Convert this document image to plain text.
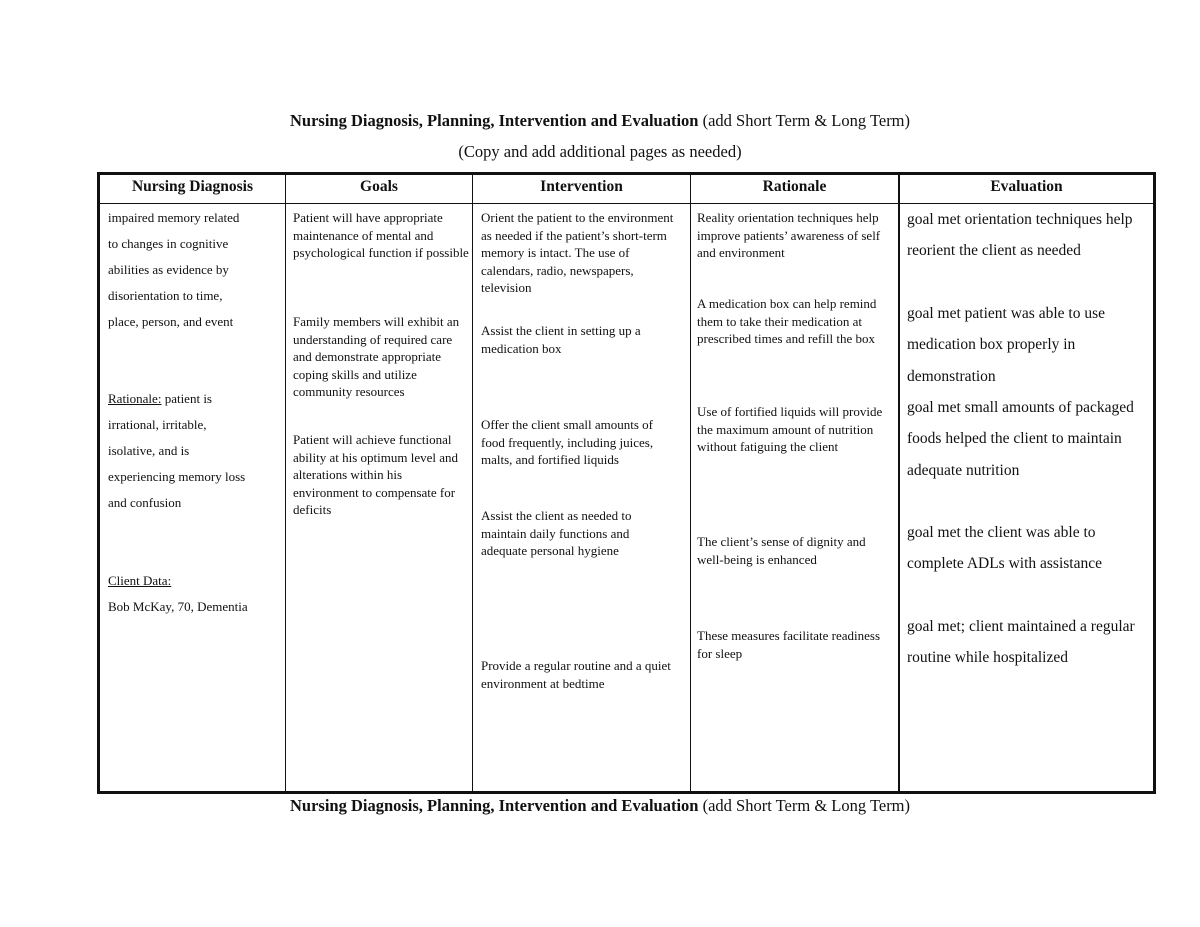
Nursing Diagnosis, Planning, Intervention and Evaluation (add Short Term & Long Term)
(Copy and add additional pages as needed)
Nursing Diagnosis
impaired memory related
to changes in cognitive
abilities as evidence by
disorientation to time,
place, person, and event
Rationale: patient is
irrational, irritable,
isolative, and is
experiencing memory loss
and confusion
Client Data:
Bob McKay, 70, Dementia
Goals
Patient will have appropriate maintenance of mental and psychological function if possible
Family members will exhibit an understanding of required care and demonstrate appropriate coping skills and utilize community resources
Patient will achieve functional ability at his optimum level and alterations within his environment to compensate for deficits
Intervention
Orient the patient to the environment as needed if the patient’s short-term memory is intact. The use of calendars, radio, newspapers, television
Assist the client in setting up a medication box
Offer the client small amounts of food frequently, including juices, malts, and fortified liquids
Assist the client as needed to maintain daily functions and adequate personal hygiene
Provide a regular routine and a quiet environment at bedtime
Rationale
Reality orientation techniques help improve patients’ awareness of self and environment
A medication box can help remind them to take their medication at prescribed times and refill the box
Use of fortified liquids will provide the maximum amount of nutrition without fatiguing the client
The client’s sense of dignity and well-being is enhanced
These measures facilitate readiness for sleep
Evaluation
goal met orientation techniques help reorient the client as needed
goal met patient was able to use medication box properly in demonstration
goal met small amounts of packaged foods helped the client to maintain adequate nutrition
goal met the client was able to complete ADLs with assistance
goal met; client maintained a regular routine while hospitalized
Nursing Diagnosis, Planning, Intervention and Evaluation (add Short Term & Long Term)
